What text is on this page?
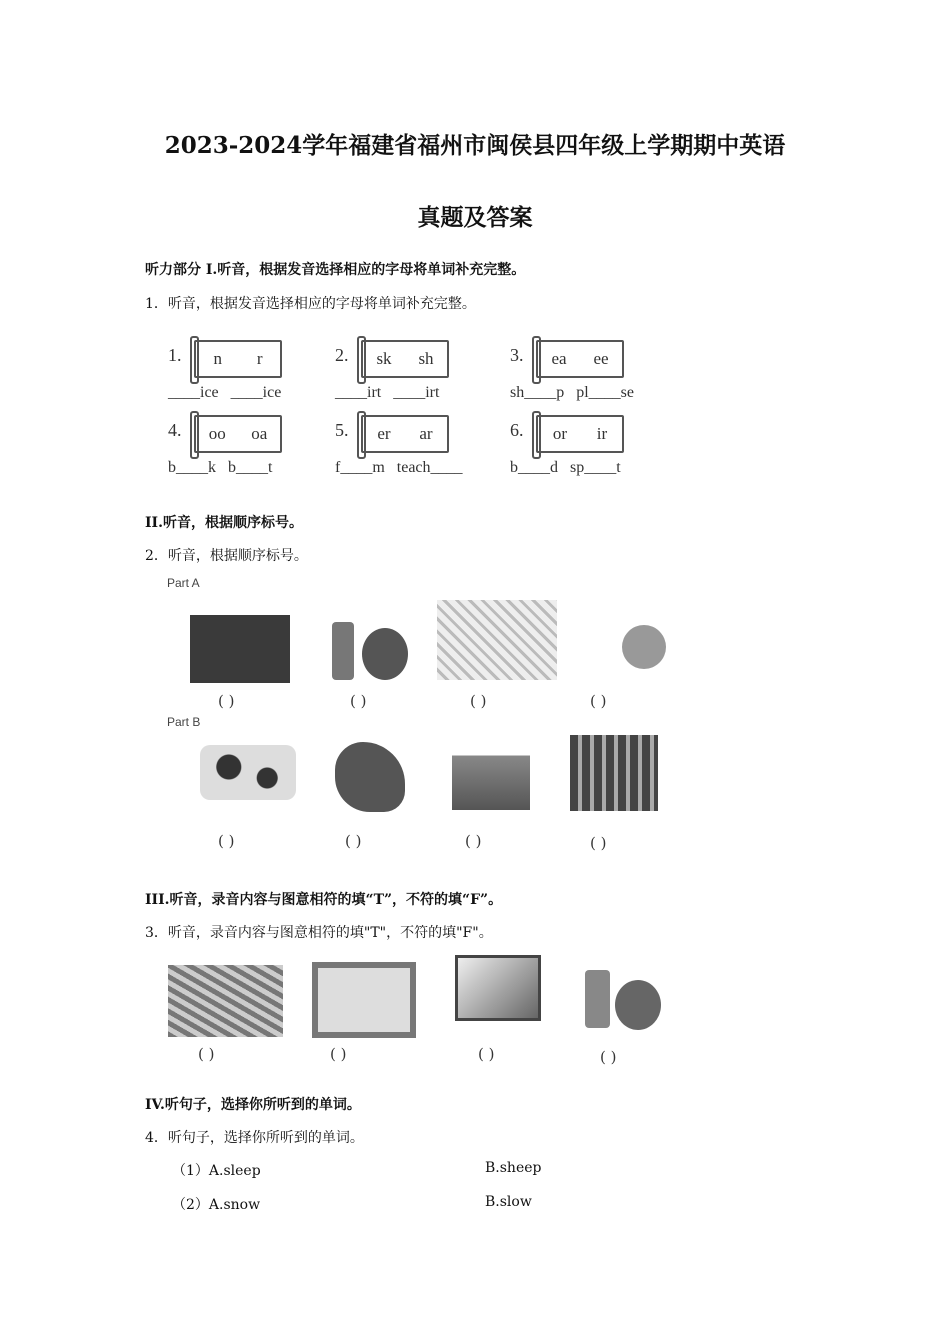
2023-2024学年福建省福州市闽侯县四年级上学期期中英语
真题及答案
听力部分 I.听音，根据发音选择相应的字母将单词补充完整。
1．听音，根据发音选择相应的字母将单词补充完整。
1. n r
____ice   ____ice
2. sk sh
____irt   ____irt
3. ea ee
sh____p   pl____se
4. oo oa
b____k   b____t
5. er ar
f____m   teach____
6. or ir
b____d   sp____t
II.听音，根据顺序标号。
2．听音，根据顺序标号。
Part A
Part B
( )	( )	( )	( )
( )	( )	( )	( )
III.听音，录音内容与图意相符的填“T”，不符的填“F”。
3．听音，录音内容与图意相符的填"T"，不符的填"F"。
( )	( )	( )	( )
IV.听句子，选择你所听到的单词。
4．听句子，选择你所听到的单词。
（1）A.sleep	B.sheep
（2）A.snow	B.slow
